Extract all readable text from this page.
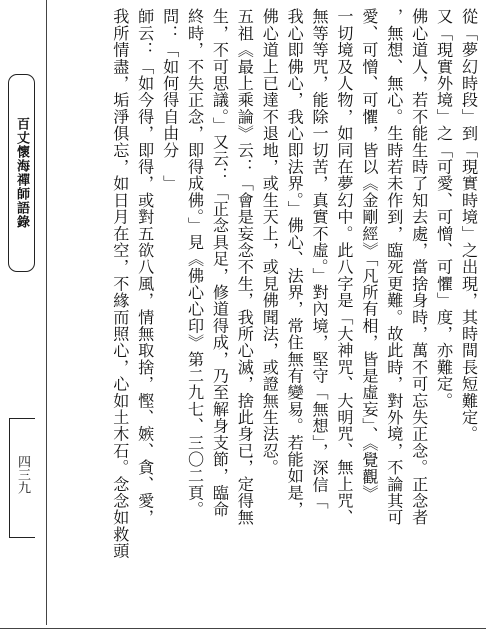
百丈懷海禪師語錄
四三九

從「夢幻時段」到「現實時境」之出現，其時間長短難定。

又「現實外境」之「可愛、可憎、可懼」度，亦難定。

佛心道人，若不能生時了知去處，當捨身時，萬不可忘失正念。正念者

，無想、無心。生時若未作到，臨死更難。故此時，對外境，不論其可

愛、可憎、可懼，皆以《金剛經》「凡所有相，皆是虛妄」、《覺觀》

一切境及人物，如同在夢幻中。此八字是「大神咒、大明咒、無上咒、

無等等咒，能除一切苦，真實不虛。」對內境，堅守「無想」，深信「

我心即佛心，我心即法界。」佛心、法界，常住無有變易。若能如是，

佛心道上已達不退地，或生天上，或見佛聞法，或證無生法忍。

五祖《最上乘論》云：「會是妄念不生，我所心滅，捨此身已，定得無

生，不可思議。」又云：「正念具足，修道得成，乃至解身支節，臨命

終時，不失正念，即得成佛。」見《佛心心印》第二九七、三〇二頁。

問：「如何得自由分　」

師云：「如今得，即得，或對五欲八風，情無取捨，慳、嫉、貪、愛，

我所情盡，垢淨俱忘，如日月在空，不緣而照心，心如土木石。念念如救頭
